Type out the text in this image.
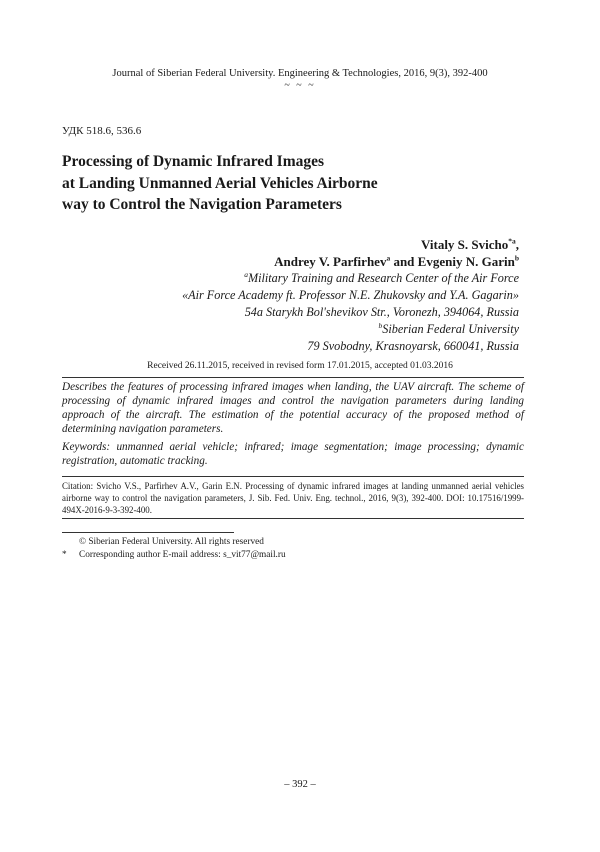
Journal of Siberian Federal University. Engineering & Technologies, 2016, 9(3), 392-400
~ ~ ~
УДК 518.6, 536.6
Processing of Dynamic Infrared Images
at Landing Unmanned Aerial Vehicles Airborne
way to Control the Navigation Parameters
Vitaly S. Svicho$^{*a}$,
Andrey V. Parfirhev$^a$ and Evgeniy N. Garin$^b$
$^a$Military Training and Research Center of the Air Force
«Air Force Academy ft. Professor N.E. Zhukovsky and Y.A. Gagarin»
54a Starykh Bol'shevikov Str., Voronezh, 394064, Russia
$^b$Siberian Federal University
79 Svobodny, Krasnoyarsk, 660041, Russia
Received 26.11.2015, received in revised form 17.01.2015, accepted 01.03.2016
Describes the features of processing infrared images when landing, the UAV aircraft. The scheme of processing of dynamic infrared images and control the navigation parameters during landing approach of the aircraft. The estimation of the potential accuracy of the proposed method of determining navigation parameters.
Keywords: unmanned aerial vehicle; infrared; image segmentation; image processing; dynamic registration, automatic tracking.
Citation: Svicho V.S., Parfirhev A.V., Garin E.N. Processing of dynamic infrared images at landing unmanned aerial vehicles airborne way to control the navigation parameters, J. Sib. Fed. Univ. Eng. technol., 2016, 9(3), 392-400. DOI: 10.17516/1999-494X-2016-9-3-392-400.
© Siberian Federal University. All rights reserved
* Corresponding author E-mail address: s_vit77@mail.ru
– 392 –
